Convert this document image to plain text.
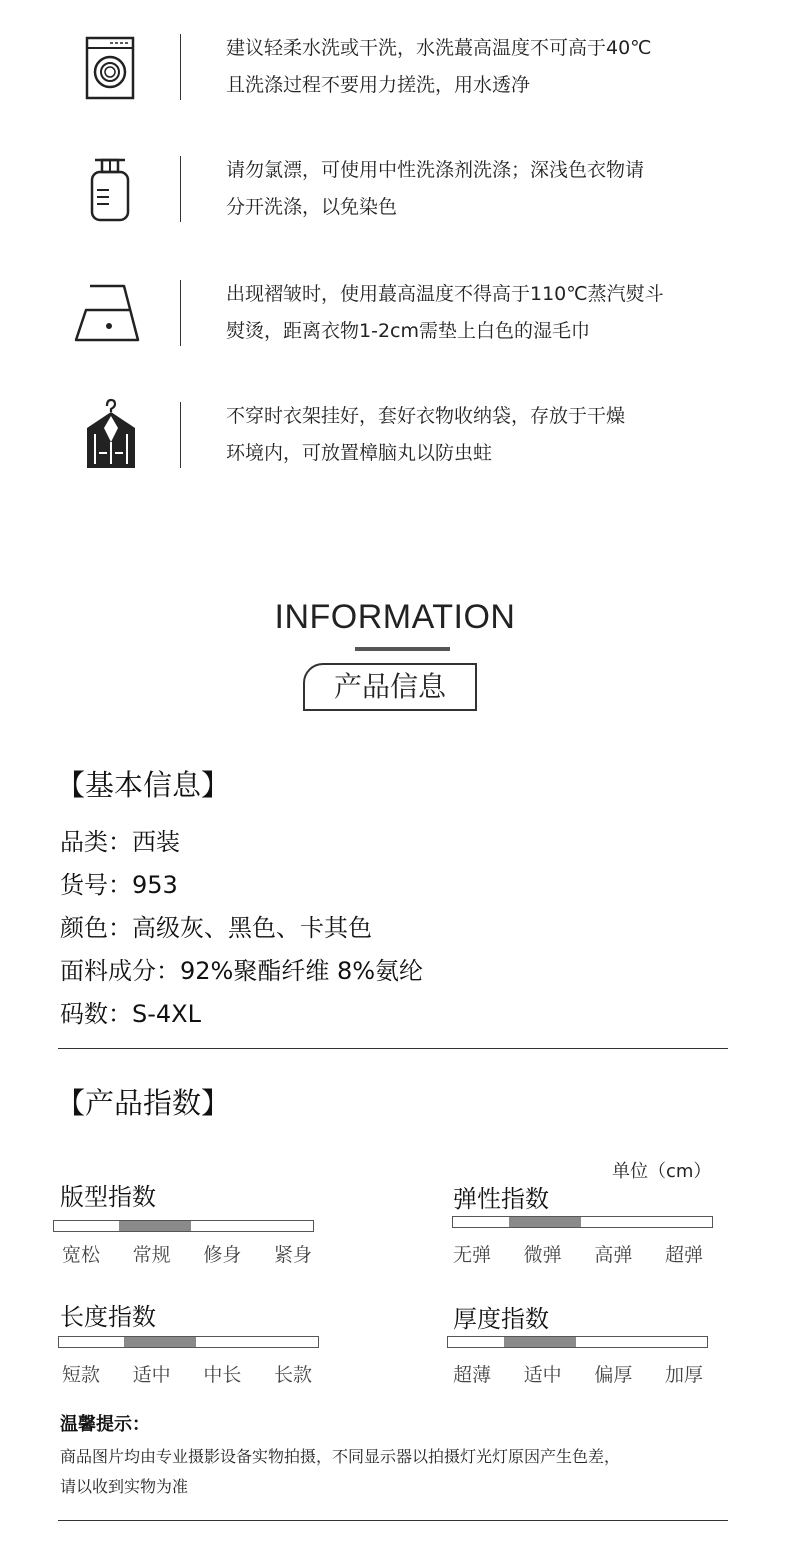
建议轻柔水洗或干洗，水洗蕞高温度不可高于40℃
且洗涤过程不要用力搓洗，用水透净
请勿氯漂，可使用中性洗涤剂洗涤；深浅色衣物请
分开洗涤，以免染色
出现褶皱时，使用蕞高温度不得高于110℃蒸汽熨斗
熨烫，距离衣物1-2cm需垫上白色的湿毛巾
不穿时衣架挂好，套好衣物收纳袋，存放于干燥
环境内，可放置樟脑丸以防虫蛀
INFORMATION
产品信息
【基本信息】
品类：西装
货号：953
颜色：高级灰、黑色、卡其色
面料成分：92%聚酯纤维 8%氨纶
码数：S-4XL
【产品指数】
单位（cm）
版型指数
宽松 常规 修身 紧身
弹性指数
无弹 微弹 高弹 超弹
长度指数
短款 适中 中长 长款
厚度指数
超薄 适中 偏厚 加厚
温馨提示：
商品图片均由专业摄影设备实物拍摄，不同显示器以拍摄灯光灯原因产生色差，
请以收到实物为准
